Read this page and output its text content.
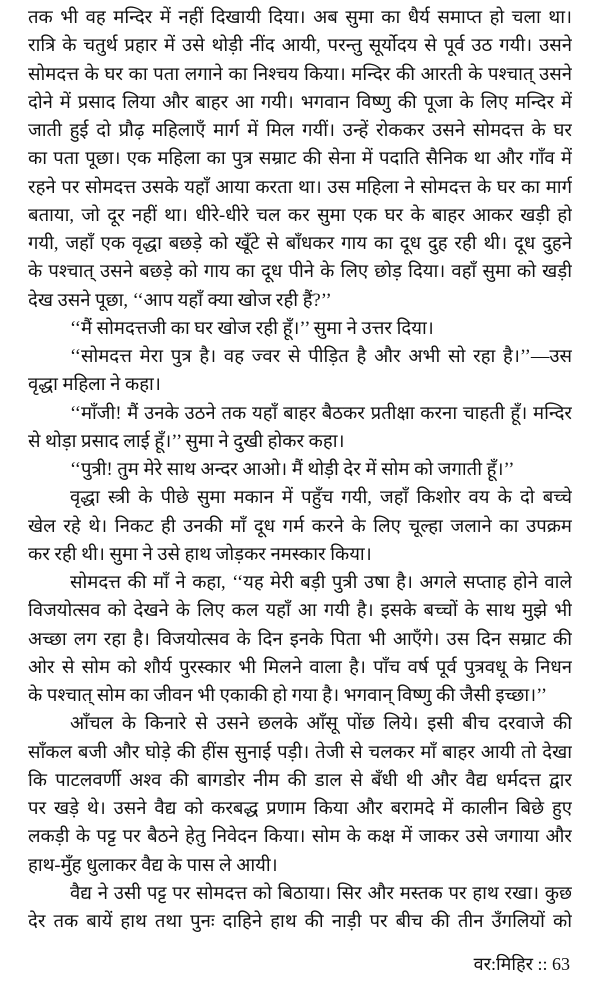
तक भी वह मन्दिर में नहीं दिखायी दिया। अब सुमा का धैर्य समाप्त हो चला था।
रात्रि के चतुर्थ प्रहार में उसे थोड़ी नींद आयी, परन्तु सूर्योदय से पूर्व उठ गयी। उसने
सोमदत्त के घर का पता लगाने का निश्चय किया। मन्दिर की आरती के पश्चात् उसने
दोने में प्रसाद लिया और बाहर आ गयी। भगवान विष्णु की पूजा के लिए मन्दिर में
जाती हुई दो प्रौढ़ महिलाएँ मार्ग में मिल गयीं। उन्हें रोककर उसने सोमदत्त के घर
का पता पूछा। एक महिला का पुत्र सम्राट की सेना में पदाति सैनिक था और गाँव में
रहने पर सोमदत्त उसके यहाँ आया करता था। उस महिला ने सोमदत्त के घर का मार्ग
बताया, जो दूर नहीं था। धीरे-धीरे चल कर सुमा एक घर के बाहर आकर खड़ी हो
गयी, जहाँ एक वृद्धा बछड़े को खूँटे से बाँधकर गाय का दूध दुह रही थी। दूध दुहने
के पश्चात् उसने बछड़े को गाय का दूध पीने के लिए छोड़ दिया। वहाँ सुमा को खड़ी
देख उसने पूछा, ‘‘आप यहाँ क्या खोज रही हैं?’’
‘‘मैं सोमदत्तजी का घर खोज रही हूँ।’’ सुमा ने उत्तर दिया।
‘‘सोमदत्त मेरा पुत्र है। वह ज्वर से पीड़ित है और अभी सो रहा है।’’—उस
वृद्धा महिला ने कहा।
‘‘माँजी! मैं उनके उठने तक यहाँ बाहर बैठकर प्रतीक्षा करना चाहती हूँ। मन्दिर
से थोड़ा प्रसाद लाई हूँ।’’ सुमा ने दुखी होकर कहा।
‘‘पुत्री! तुम मेरे साथ अन्दर आओ। मैं थोड़ी देर में सोम को जगाती हूँ।’’
वृद्धा स्त्री के पीछे सुमा मकान में पहुँच गयी, जहाँ किशोर वय के दो बच्चे
खेल रहे थे। निकट ही उनकी माँ दूध गर्म करने के लिए चूल्हा जलाने का उपक्रम
कर रही थी। सुमा ने उसे हाथ जोड़कर नमस्कार किया।
सोमदत्त की माँ ने कहा, ‘‘यह मेरी बड़ी पुत्री उषा है। अगले सप्ताह होने वाले
विजयोत्सव को देखने के लिए कल यहाँ आ गयी है। इसके बच्चों के साथ मुझे भी
अच्छा लग रहा है। विजयोत्सव के दिन इनके पिता भी आएँगे। उस दिन सम्राट की
ओर से सोम को शौर्य पुरस्कार भी मिलने वाला है। पाँच वर्ष पूर्व पुत्रवधू के निधन
के पश्चात् सोम का जीवन भी एकाकी हो गया है। भगवान् विष्णु की जैसी इच्छा।’’
आँचल के किनारे से उसने छलके आँसू पोंछ लिये। इसी बीच दरवाजे की
साँकल बजी और घोड़े की हींस सुनाई पड़ी। तेजी से चलकर माँ बाहर आयी तो देखा
कि पाटलवर्णी अश्व की बागडोर नीम की डाल से बँधी थी और वैद्य धर्मदत्त द्वार
पर खड़े थे। उसने वैद्य को करबद्ध प्रणाम किया और बरामदे में कालीन बिछे हुए
लकड़ी के पट्ट पर बैठने हेतु निवेदन किया। सोम के कक्ष में जाकर उसे जगाया और
हाथ-मुँह धुलाकर वैद्य के पास ले आयी।
वैद्य ने उसी पट्ट पर सोमदत्त को बिठाया। सिर और मस्तक पर हाथ रखा। कुछ
देर तक बायें हाथ तथा पुनः दाहिने हाथ की नाड़ी पर बीच की तीन उँगलियों को
वर:मिहिर :: 63
